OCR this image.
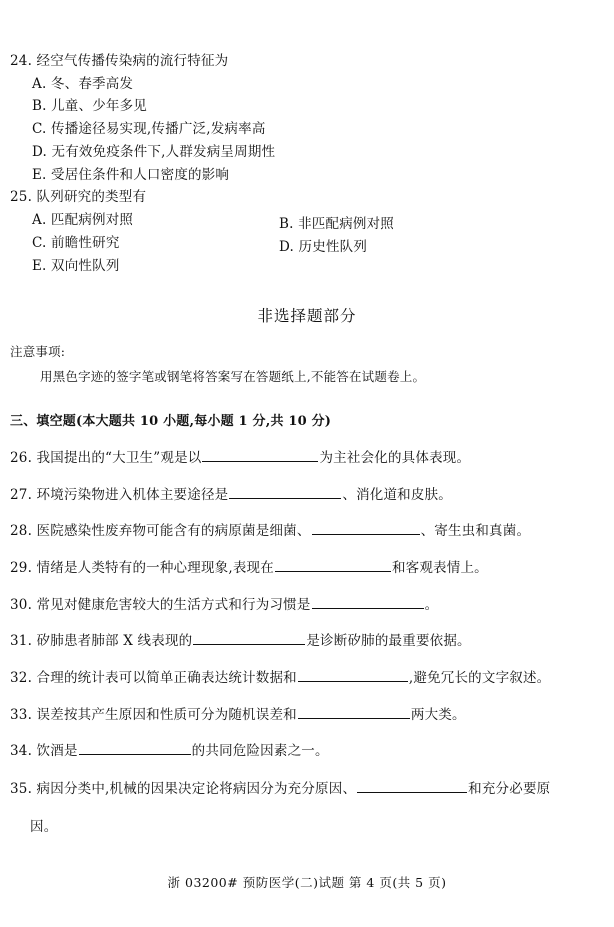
24. 经空气传播传染病的流行特征为
A. 冬、春季高发
B. 儿童、少年多见
C. 传播途径易实现,传播广泛,发病率高
D. 无有效免疫条件下,人群发病呈周期性
E. 受居住条件和人口密度的影响
25. 队列研究的类型有
A. 匹配病例对照	B. 非匹配病例对照
C. 前瞻性研究	D. 历史性队列
E. 双向性队列
非选择题部分
注意事项:
用黑色字迹的签字笔或钢笔将答案写在答题纸上,不能答在试题卷上。
三、填空题(本大题共 10 小题,每小题 1 分,共 10 分)
26. 我国提出的“大卫生”观是以	为主社会化的具体表现。
27. 环境污染物进入机体主要途径是	、消化道和皮肤。
28. 医院感染性废弃物可能含有的病原菌是细菌、	、寄生虫和真菌。
29. 情绪是人类特有的一种心理现象,表现在	和客观表情上。
30. 常见对健康危害较大的生活方式和行为习惯是	。
31. 矽肺患者肺部 X 线表现的	是诊断矽肺的最重要依据。
32. 合理的统计表可以简单正确表达统计数据和	,避免冗长的文字叙述。
33. 误差按其产生原因和性质可分为随机误差和	两大类。
34. 饮酒是	的共同危险因素之一。
35. 病因分类中,机械的因果决定论将病因分为充分原因、	和充分必要原
因。
浙 03200# 预防医学(二)试题 第 4 页(共 5 页)
